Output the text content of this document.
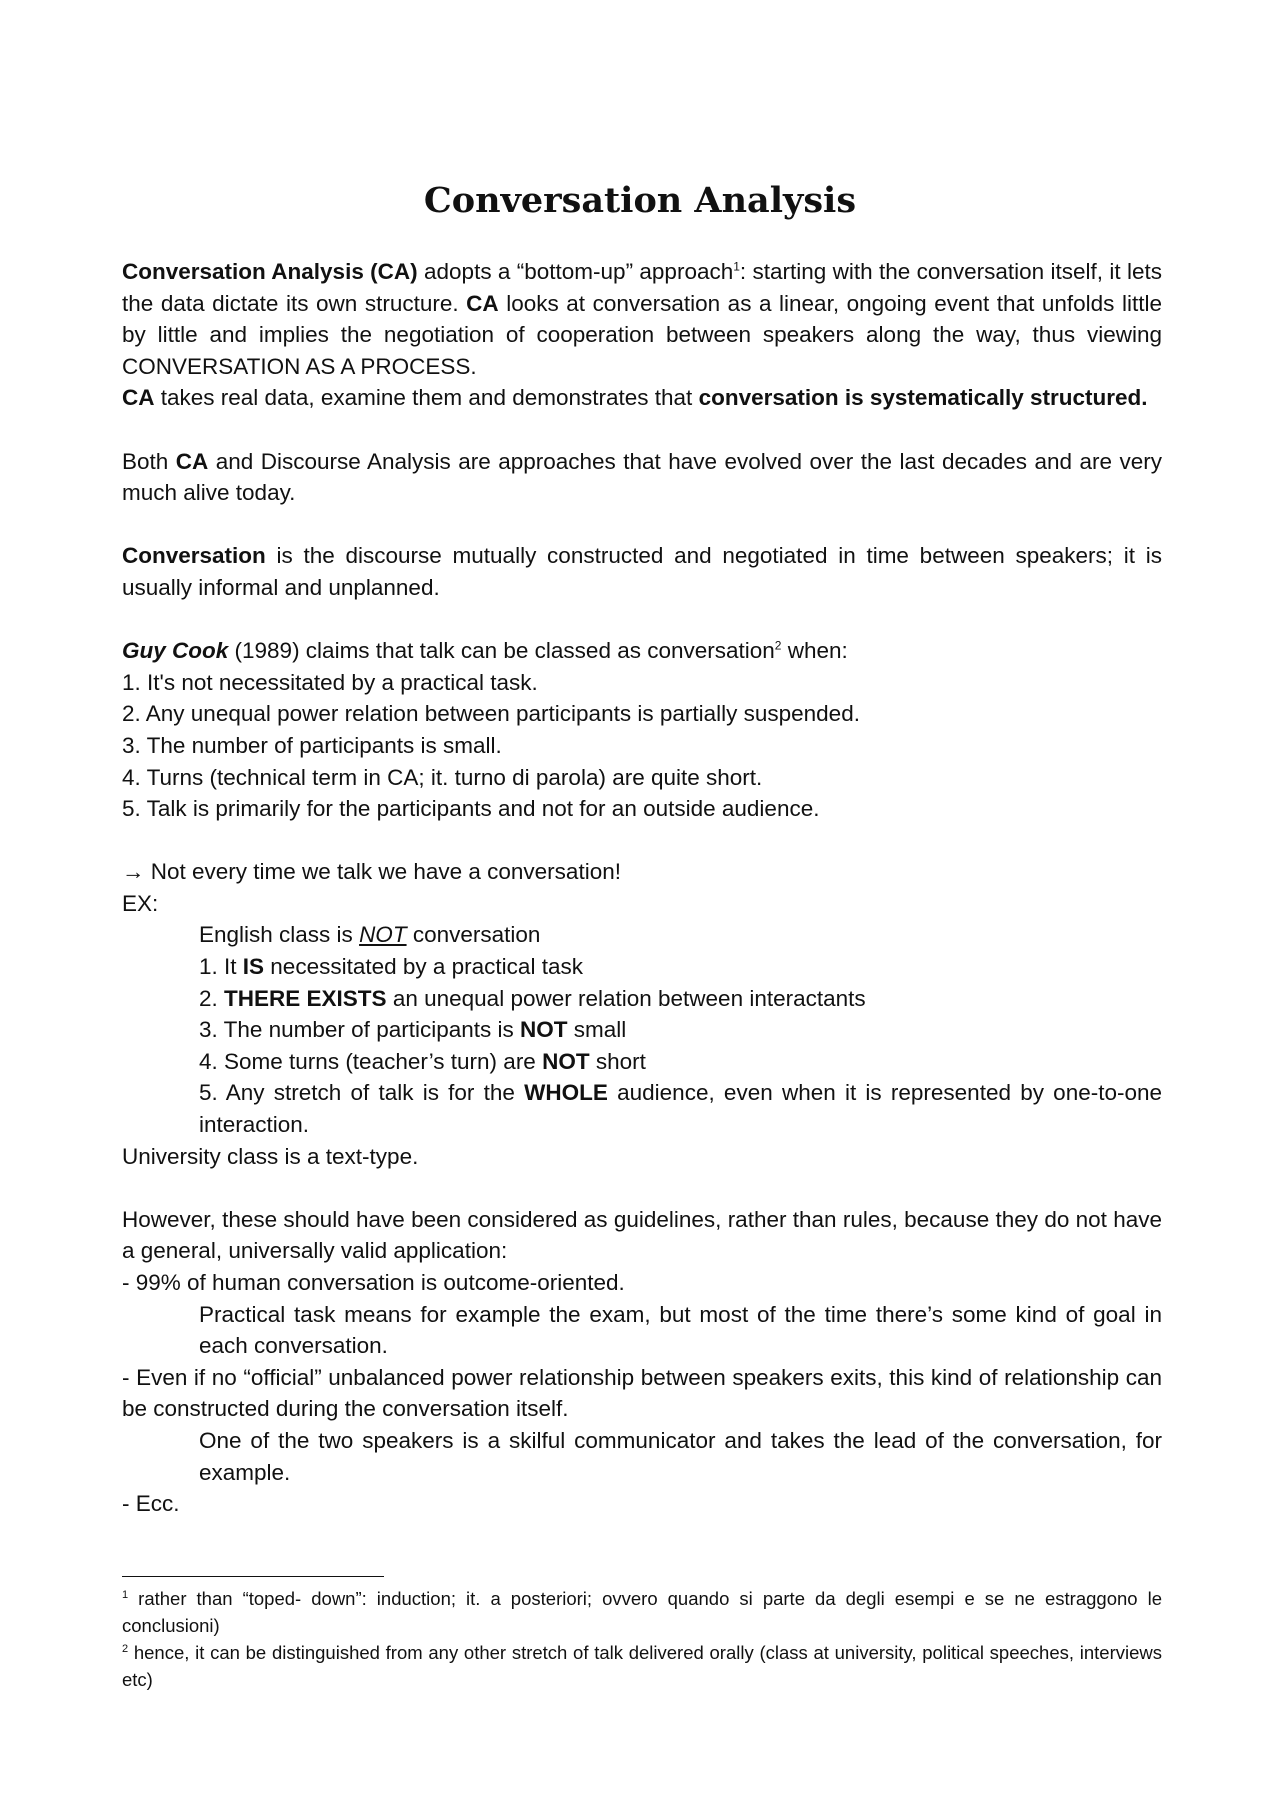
Conversation Analysis

Conversation Analysis (CA) adopts a “bottom-up” approach$^1$: starting with the conversation itself, it lets the data dictate its own structure. CA looks at conversation as a linear, ongoing event that unfolds little by little and implies the negotiation of cooperation between speakers along the way, thus viewing CONVERSATION AS A PROCESS.

CA takes real data, examine them and demonstrates that conversation is systematically structured.

Both CA and Discourse Analysis are approaches that have evolved over the last decades and are very much alive today.

Conversation is the discourse mutually constructed and negotiated in time between speakers; it is usually informal and unplanned.

Guy Cook (1989) claims that talk can be classed as conversation$^2$ when:

1. It's not necessitated by a practical task.

2. Any unequal power relation between participants is partially suspended.

3. The number of participants is small.

4. Turns (technical term in CA; it. turno di parola) are quite short.

5. Talk is primarily for the participants and not for an outside audience.

→ Not every time we talk we have a conversation!

EX:

English class is NOT conversation

1. It IS necessitated by a practical task

2. THERE EXISTS an unequal power relation between interactants

3. The number of participants is NOT small

4. Some turns (teacher’s turn) are NOT short

5. Any stretch of talk is for the WHOLE audience, even when it is represented by one-to-one interaction.

University class is a text-type.

However, these should have been considered as guidelines, rather than rules, because they do not have a general, universally valid application:

- 99% of human conversation is outcome-oriented.

Practical task means for example the exam, but most of the time there’s some kind of goal in each conversation.

- Even if no “official” unbalanced power relationship between speakers exits, this kind of relationship can be constructed during the conversation itself.

One of the two speakers is a skilful communicator and takes the lead of the conversation, for example.

- Ecc.

$^1$ rather than “toped- down”: induction; it. a posteriori; ovvero quando si parte da degli esempi e se ne estraggono le conclusioni)

$^2$ hence, it can be distinguished from any other stretch of talk delivered orally (class at university, political speeches, interviews etc)
